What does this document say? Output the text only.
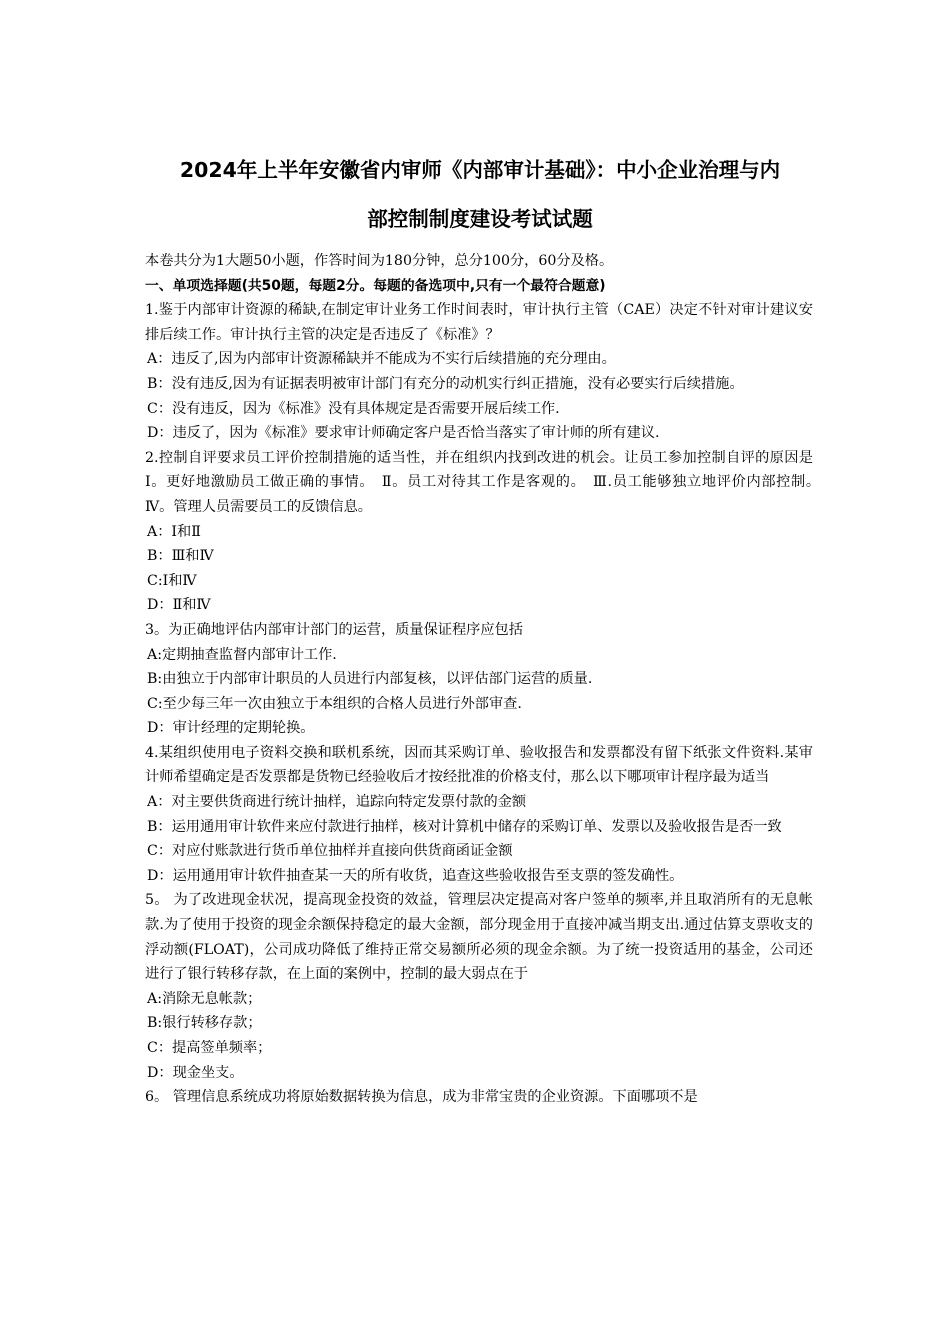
2024年上半年安徽省内审师《内部审计基础》：中小企业治理与内
部控制制度建设考试试题
本卷共分为1大题50小题，作答时间为180分钟，总分100分，60分及格。
一、单项选择题(共50题，每题2分。每题的备选项中,只有一个最符合题意)
1.鉴于内部审计资源的稀缺,在制定审计业务工作时间表时，审计执行主管（CAE）决定不针对审计建议安排后续工作。审计执行主管的决定是否违反了《标准》？
A：违反了,因为内部审计资源稀缺并不能成为不实行后续措施的充分理由。
B：没有违反,因为有证据表明被审计部门有充分的动机实行纠正措施，没有必要实行后续措施。
C：没有违反，因为《标准》没有具体规定是否需要开展后续工作.
D：违反了，因为《标准》要求审计师确定客户是否恰当落实了审计师的所有建议.
2.控制自评要求员工评价控制措施的适当性，并在组织内找到改进的机会。让员工参加控制自评的原因是　Ⅰ。更好地激励员工做正确的事情。　Ⅱ。员工对待其工作是客观的。　Ⅲ.员工能够独立地评价内部控制。　Ⅳ。管理人员需要员工的反馈信息。
A：Ⅰ和Ⅱ
B：Ⅲ和Ⅳ
C:Ⅰ和Ⅳ
D：Ⅱ和Ⅳ
3。为正确地评估内部审计部门的运营，质量保证程序应包括
A:定期抽查监督内部审计工作.
B:由独立于内部审计职员的人员进行内部复核，以评估部门运营的质量.
C:至少每三年一次由独立于本组织的合格人员进行外部审查.
D：审计经理的定期轮换。
4.某组织使用电子资料交换和联机系统，因而其采购订单、验收报告和发票都没有留下纸张文件资料.某审计师希望确定是否发票都是货物已经验收后才按经批准的价格支付，那么以下哪项审计程序最为适当
A：对主要供货商进行统计抽样，追踪向特定发票付款的金额
B：运用通用审计软件来应付款进行抽样，核对计算机中储存的采购订单、发票以及验收报告是否一致
C：对应付账款进行货币单位抽样并直接向供货商函证金额
D：运用通用审计软件抽查某一天的所有收货，追查这些验收报告至支票的签发确性。
5。 为了改进现金状况，提高现金投资的效益，管理层决定提高对客户签单的频率,并且取消所有的无息帐款.为了使用于投资的现金余额保持稳定的最大金额，部分现金用于直接冲减当期支出.通过估算支票收支的浮动额(FLOAT)，公司成功降低了维持正常交易额所必须的现金余额。为了统一投资适用的基金，公司还进行了银行转移存款，在上面的案例中，控制的最大弱点在于
A:消除无息帐款；
B:银行转移存款；
C：提高签单频率；
D：现金坐支。
6。 管理信息系统成功将原始数据转换为信息，成为非常宝贵的企业资源。下面哪项不是
